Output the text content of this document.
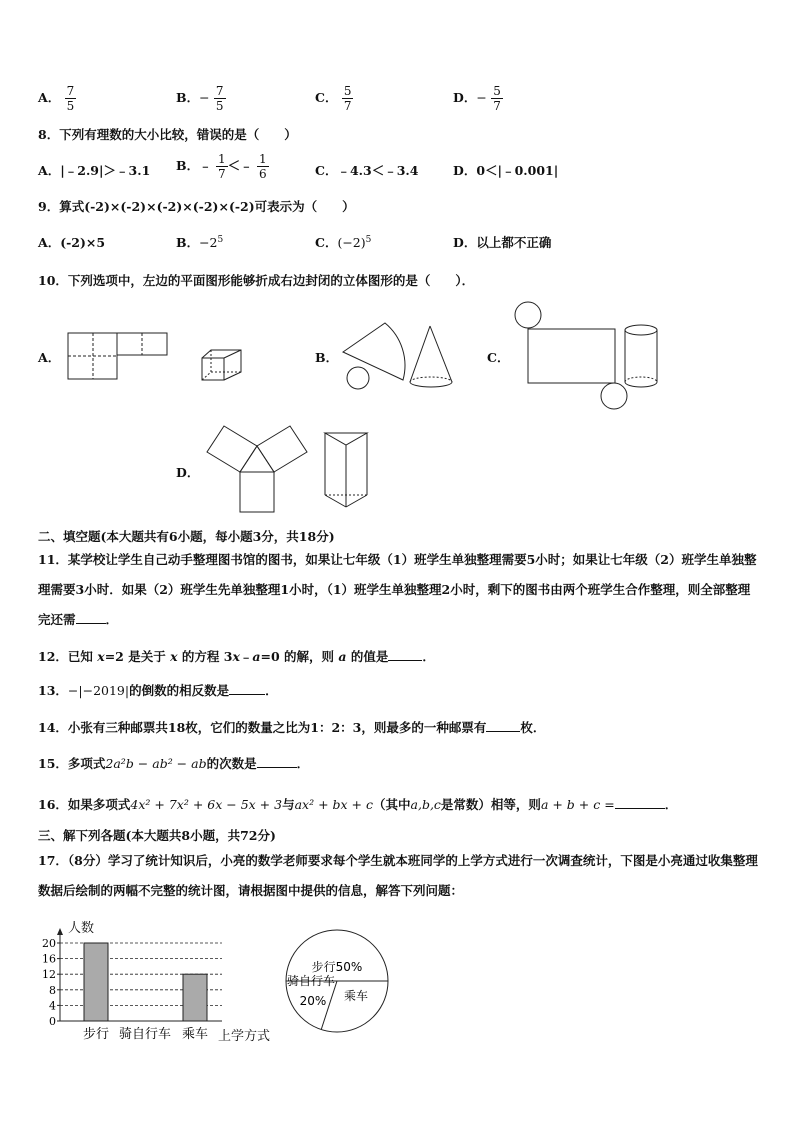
A． $\frac{7}{5}$	B．− $\frac{7}{5}$	C． $\frac{5}{7}$	D．− $\frac{5}{7}$
8．下列有理数的大小比较，错误的是（　　）
A．|﹣2.9|＞﹣3.1 B．﹣ $\frac{1}{7}$ ＜﹣ $\frac{1}{6}$	C．﹣4.3＜﹣3.4	D．0＜|﹣0.001|
9．算式(-2)×(-2)×(-2)×(-2)×(-2)可表示为（　　）
A．(-2)×5	B．$-2^5$	C．$(-2)^5$	D．以上都不正确
10．下列选项中，左边的平面图形能够折成右边封闭的立体图形的是（　　）．
A．	B．	C．
D．
二、填空题(本大题共有6小题，每小题3分，共18分)
11．某学校让学生自己动手整理图书馆的图书，如果让七年级（1）班学生单独整理需要5小时；如果让七年级（2）班学生单独整理需要3小时．如果（2）班学生先单独整理1小时，（1）班学生单独整理2小时，剩下的图书由两个班学生合作整理，则全部整理完还需 ．
12．已知 x=2 是关于 x 的方程 3x﹣a=0 的解，则 a 的值是	．
13．−|−2019|的倒数的相反数是	．
14．小张有三种邮票共18枚，它们的数量之比为1：2：3，则最多的一种邮票有	枚．
15．多项式2a²b − ab² − ab的次数是	．
16．如果多项式4x² + 7x² + 6x − 5x + 3与ax² + bx + c（其中a,b,c是常数）相等，则a + b + c =	．
三、解下列各题(本大题共8小题，共72分)
17．（8分）学习了统计知识后，小亮的数学老师要求每个学生就本班同学的上学方式进行一次调查统计，下图是小亮通过收集整理数据后绘制的两幅不完整的统计图，请根据图中提供的信息，解答下列问题：
0
4
8
12
16
20
步行 骑自行车 乘车
人数
上学方式
步行50%
骑自行车
20% 乘车
